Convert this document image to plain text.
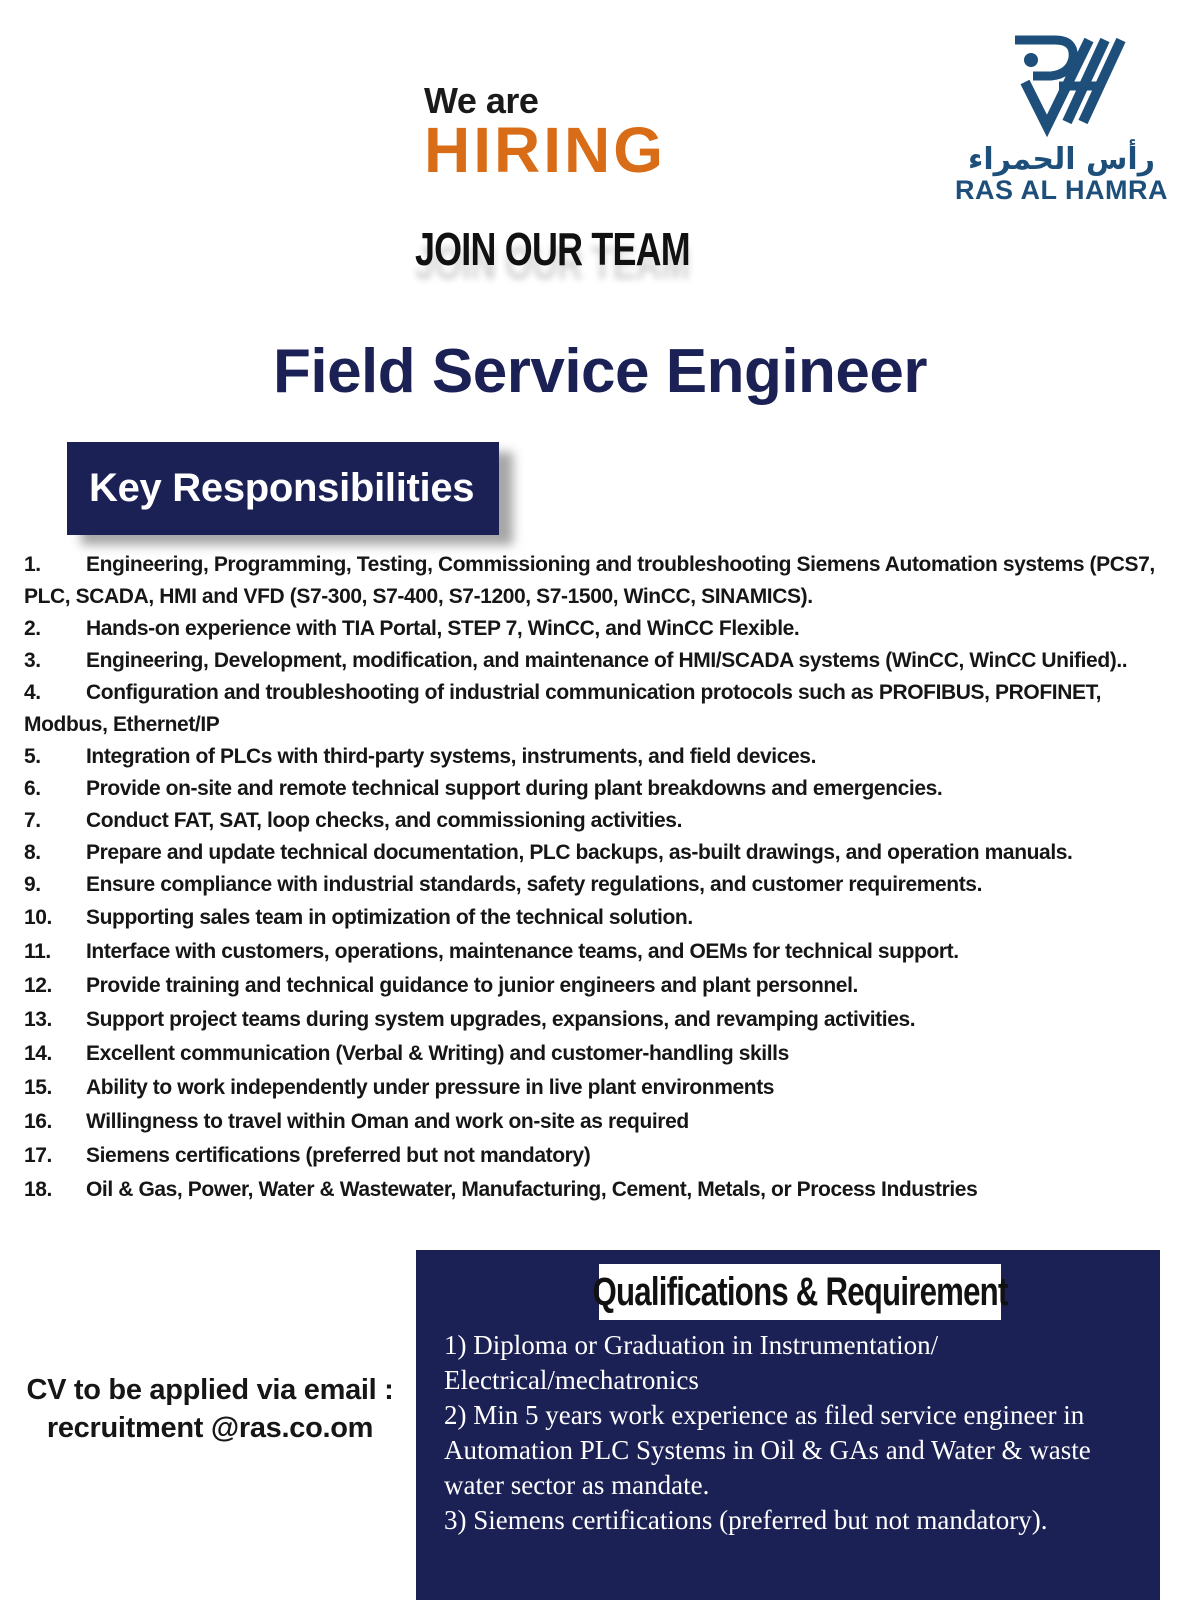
رأس الحمراء
RAS AL HAMRA
We are
HIRING
JOIN OUR TEAM
Field Service Engineer
Key Responsibilities
1.	Engineering, Programming, Testing, Commissioning and troubleshooting Siemens Automation systems (PCS7, PLC, SCADA, HMI and VFD (S7-300, S7-400, S7-1200, S7-1500, WinCC, SINAMICS).
2.	Hands-on experience with TIA Portal, STEP 7, WinCC, and WinCC Flexible.
3.	Engineering, Development, modification, and maintenance of HMI/SCADA systems (WinCC, WinCC Unified)..
4.	Configuration and troubleshooting of industrial communication protocols such as PROFIBUS, PROFINET, Modbus, Ethernet/IP
5.	Integration of PLCs with third-party systems, instruments, and field devices.
6.	Provide on-site and remote technical support during plant breakdowns and emergencies.
7.	Conduct FAT, SAT, loop checks, and commissioning activities.
8.	Prepare and update technical documentation, PLC backups, as-built drawings, and operation manuals.
9.	Ensure compliance with industrial standards, safety regulations, and customer requirements.
10.	Supporting sales team in optimization of the technical solution.
11.	Interface with customers, operations, maintenance teams, and OEMs for technical support.
12.	Provide training and technical guidance to junior engineers and plant personnel.
13.	Support project teams during system upgrades, expansions, and revamping activities.
14.	Excellent communication (Verbal & Writing) and customer-handling skills
15.	Ability to work independently under pressure in live plant environments
16.	Willingness to travel within Oman and work on-site as required
17.	Siemens certifications (preferred but not mandatory)
18.	Oil & Gas, Power, Water & Wastewater, Manufacturing, Cement, Metals, or Process Industries
CV to be applied via email :
recruitment @ras.co.om
Qualifications & Requirement
1) Diploma or Graduation in Instrumentation/ Electrical/mechatronics
2) Min 5 years work experience as filed service engineer in Automation PLC Systems in Oil & GAs and Water & waste water sector as mandate.
3) Siemens certifications (preferred but not mandatory).
